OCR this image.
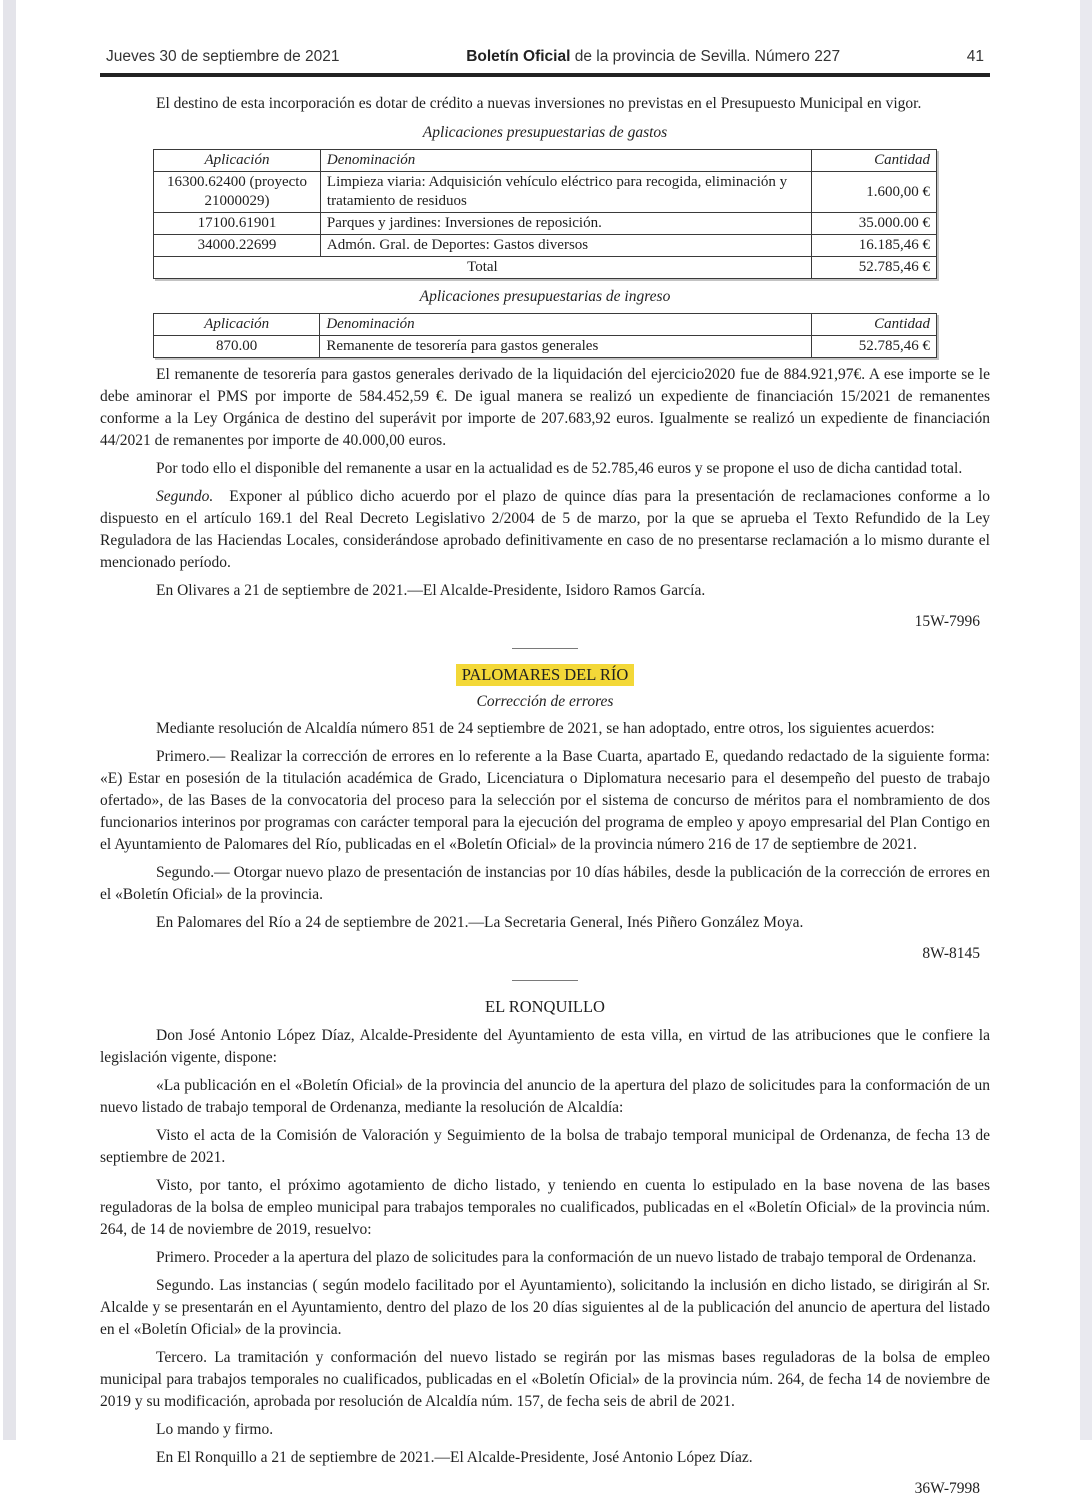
Jueves 30 de septiembre de 2021	Boletín Oficial de la provincia de Sevilla. Número 227	41

El destino de esta incorporación es dotar de crédito a nuevas inversiones no previstas en el Presupuesto Municipal en vigor.

Aplicaciones presupuestarias de gastos
Aplicación	Denominación	Cantidad
16300.62400 (proyecto 21000029)	Limpieza viaria: Adquisición vehículo eléctrico para recogida, eliminación y tratamiento de residuos	1.600,00 €
17100.61901	Parques y jardines: Inversiones de reposición.	35.000.00 €
34000.22699	Admón. Gral. de Deportes: Gastos diversos	16.185,46 €
Total		52.785,46 €
Aplicaciones presupuestarias de ingreso
Aplicación	Denominación	Cantidad
870.00	Remanente de tesorería para gastos generales	52.785,46 €

El remanente de tesorería para gastos generales derivado de la liquidación del ejercicio2020 fue de 884.921,97€. A ese importe se le debe aminorar el PMS por importe de 584.452,59 €. De igual manera se realizó un expediente de financiación 15/2021 de remanentes conforme a la Ley Orgánica de destino del superávit por importe de 207.683,92 euros. Igualmente se realizó un expediente de financiación 44/2021 de remanentes por importe de 40.000,00 euros.

Por todo ello el disponible del remanente a usar en la actualidad es de 52.785,46 euros y se propone el uso de dicha cantidad total.

Segundo. Exponer al público dicho acuerdo por el plazo de quince días para la presentación de reclamaciones conforme a lo dispuesto en el artículo 169.1 del Real Decreto Legislativo 2/2004 de 5 de marzo, por la que se aprueba el Texto Refundido de la Ley Reguladora de las Haciendas Locales, considerándose aprobado definitivamente en caso de no presentarse reclamación a lo mismo durante el mencionado período.

En Olivares a 21 de septiembre de 2021.—El Alcalde-Presidente, Isidoro Ramos García.

15W-7996
PALOMARES DEL RÍO
Corrección de errores

Mediante resolución de Alcaldía número 851 de 24 septiembre de 2021, se han adoptado, entre otros, los siguientes acuerdos:

Primero.— Realizar la corrección de errores en lo referente a la Base Cuarta, apartado E, quedando redactado de la siguiente forma: «E) Estar en posesión de la titulación académica de Grado, Licenciatura o Diplomatura necesario para el desempeño del puesto de trabajo ofertado», de las Bases de la convocatoria del proceso para la selección por el sistema de concurso de méritos para el nombramiento de dos funcionarios interinos por programas con carácter temporal para la ejecución del programa de empleo y apoyo empresarial del Plan Contigo en el Ayuntamiento de Palomares del Río, publicadas en el «Boletín Oficial» de la provincia número 216 de 17 de septiembre de 2021.

Segundo.— Otorgar nuevo plazo de presentación de instancias por 10 días hábiles, desde la publicación de la corrección de errores en el «Boletín Oficial» de la provincia.

En Palomares del Río a 24 de septiembre de 2021.—La Secretaria General, Inés Piñero González Moya.

8W-8145
EL RONQUILLO

Don José Antonio López Díaz, Alcalde-Presidente del Ayuntamiento de esta villa, en virtud de las atribuciones que le confiere la legislación vigente, dispone:

«La publicación en el «Boletín Oficial» de la provincia del anuncio de la apertura del plazo de solicitudes para la conformación de un nuevo listado de trabajo temporal de Ordenanza, mediante la resolución de Alcaldía:

Visto el acta de la Comisión de Valoración y Seguimiento de la bolsa de trabajo temporal municipal de Ordenanza, de fecha 13 de septiembre de 2021.

Visto, por tanto, el próximo agotamiento de dicho listado, y teniendo en cuenta lo estipulado en la base novena de las bases reguladoras de la bolsa de empleo municipal para trabajos temporales no cualificados, publicadas en el «Boletín Oficial» de la provincia núm. 264, de 14 de noviembre de 2019, resuelvo:

Primero. Proceder a la apertura del plazo de solicitudes para la conformación de un nuevo listado de trabajo temporal de Ordenanza.

Segundo. Las instancias ( según modelo facilitado por el Ayuntamiento), solicitando la inclusión en dicho listado, se dirigirán al Sr. Alcalde y se presentarán en el Ayuntamiento, dentro del plazo de los 20 días siguientes al de la publicación del anuncio de apertura del listado en el «Boletín Oficial» de la provincia.

Tercero. La tramitación y conformación del nuevo listado se regirán por las mismas bases reguladoras de la bolsa de empleo municipal para trabajos temporales no cualificados, publicadas en el «Boletín Oficial» de la provincia núm. 264, de fecha 14 de noviembre de 2019 y su modificación, aprobada por resolución de Alcaldía núm. 157, de fecha seis de abril de 2021.

Lo mando y firmo.

En El Ronquillo a 21 de septiembre de 2021.—El Alcalde-Presidente, José Antonio López Díaz.

36W-7998
